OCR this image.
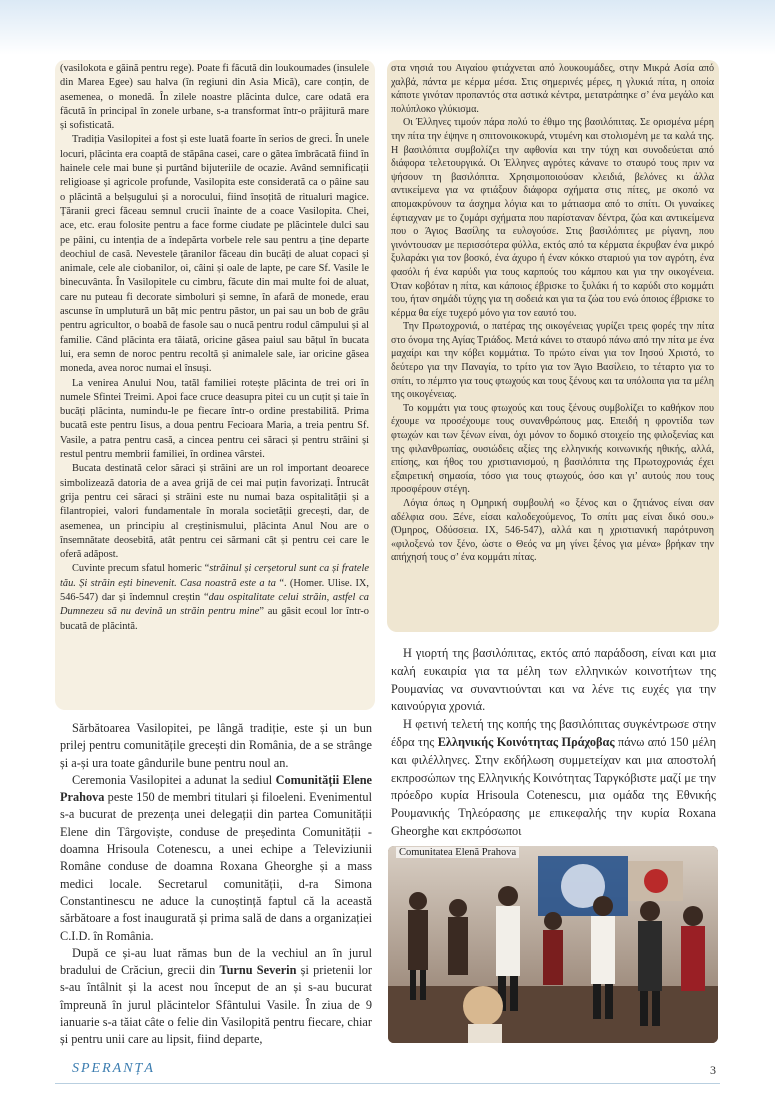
(vasilokota e găină pentru rege). Poate fi făcută din loukoumades (insulele din Marea Egee) sau halva (în regiuni din Asia Mică), care conțin, de asemenea, o monedă. În zilele noastre plăcinta dulce, care odată era făcută în principal în zonele urbane, s-a transformat într-o prăjitură mare și sofisticată.

Tradiția Vasilopitei a fost și este luată foarte în serios de greci. În unele locuri, plăcinta era coaptă de stăpâna casei, care o gătea îmbrăcată fiind în hainele cele mai bune și purtând bijuteriile de ocazie. Având semnificații religioase și agricole profunde, Vasilopita este considerată ca o pâine sau o plăcintă a belșugului și a norocului, fiind însoțită de ritualuri magice. Țăranii greci făceau semnul crucii înainte de a coace Vasilopita. Chei, ace, etc. erau folosite pentru a face forme ciudate pe plăcintele dulci sau pe pâini, cu intenția de a îndepărta vorbele rele sau pentru a ține departe deochiul de casă. Nevestele țăranilor făceau din bucăți de aluat copaci și animale, cele ale ciobanilor, oi, câini și oale de lapte, pe care Sf. Vasile le binecuvânta. În Vasilopitele cu cimbru, făcute din mai multe foi de aluat, care nu puteau fi decorate simboluri și semne, în afară de monede, erau ascunse în umplutură un băț mic pentru păstor, un pai sau un bob de grâu pentru agricultor, o boabă de fasole sau o nucă pentru rodul câmpului și al familie. Când plăcinta era tăiată, oricine găsea paiul sau bățul în bucata lui, era semn de noroc pentru recoltă și animalele sale, iar oricine găsea moneda, avea noroc numai el însuși.

La venirea Anului Nou, tatăl familiei rotește plăcinta de trei ori în numele Sfintei Treimi. Apoi face cruce deasupra pitei cu un cuțit și taie în bucăți plăcinta, numindu-le pe fiecare într-o ordine prestabilită. Prima bucată este pentru Iisus, a doua pentru Fecioara Maria, a treia pentru Sf. Vasile, a patra pentru casă, a cincea pentru cei săraci și pentru străini și restul pentru membrii familiei, în ordinea vârstei.

Bucata destinată celor săraci și străini are un rol important deoarece simbolizează datoria de a avea grijă de cei mai puțin favorizați. Întrucât grija pentru cei săraci și străini este nu numai baza ospitalității și a filantropiei, valori fundamentale în morala societății grecești, dar, de asemenea, un principiu al creștinismului, plăcinta Anul Nou are o însemnătate deosebită, atât pentru cei sărmani cât și pentru cei care le oferă adăpost.

Cuvinte precum sfatul homeric “străinul și cerșetorul sunt ca și fratele tău. Și străin ești binevenit. Casa noastră este a ta “. (Homer. Ulise. IX, 546-547) dar și îndemnul creștin “dau ospitalitate celui străin, astfel ca Dumnezeu să nu devină un străin pentru mine” au găsit ecoul lor într-o bucată de plăcintă.

στα νησιά του Αιγαίου φτιάχνεται από λουκουμάδες, στην Μικρά Ασία από χαλβά, πάντα με κέρμα μέσα. Στις σημερινές μέρες, η γλυκιά πίτα, η οποία κάποτε γινόταν προπαντός στα αστικά κέντρα, μετατράπηκε σ’ ένα μεγάλο και πολύπλοκο γλύκισμα.

Οι Έλληνες τιμούν πάρα πολύ το έθιμο της βασιλόπιτας. Σε ορισμένα μέρη την πίτα την έψηνε η σπιτονοικοκυρά, ντυμένη και στολισμένη με τα καλά της. Η βασιλόπιτα συμβολίζει την αφθονία και την τύχη και συνοδεύεται από διάφορα τελετουργικά. Οι Έλληνες αγρότες κάνανε το σταυρό τους πριν να ψήσουν τη βασιλόπιτα. Χρησιμοποιούσαν κλειδιά, βελόνες κι άλλα αντικείμενα για να φτιάξουν διάφορα σχήματα στις πίτες, με σκοπό να απομακρύνουν τα άσχημα λόγια και το μάτιασμα από το σπίτι. Οι γυναίκες έφτιαχναν με το ζυμάρι σχήματα που παρίσταναν δέντρα, ζώα και αντικείμενα που ο Άγιος Βασίλης τα ευλογούσε. Στις βασιλόπιτες με ρίγανη, που γινόντουσαν με περισσότερα φύλλα, εκτός από τα κέρματα έκρυβαν ένα μικρό ξυλαράκι για τον βοσκό, ένα άχυρο ή έναν κόκκο σταριού για τον αγρότη, ένα φασόλι ή ένα καρύδι για τους καρπούς του κάμπου και για την οικογένεια. Όταν κοβόταν η πίτα, και κάποιος έβρισκε το ξυλάκι ή το καρύδι στο κομμάτι του, ήταν σημάδι τύχης για τη σοδειά και για τα ζώα του ενώ όποιος έβρισκε το κέρμα θα είχε τυχερό μόνο για τον εαυτό του.

Την Πρωτοχρονιά, ο πατέρας της οικογένειας γυρίζει τρεις φορές την πίτα στο όνομα της Αγίας Τριάδος. Μετά κάνει το σταυρό πάνω από την πίτα με ένα μαχαίρι και την κόβει κομμάτια. Το πρώτο είναι για τον Ιησού Χριστό, το δεύτερο για την Παναγία, το τρίτο για τον Άγιο Βασίλειο, το τέταρτο για το σπίτι, το πέμπτο για τους φτωχούς και τους ξένους και τα υπόλοιπα για τα μέλη της οικογένειας.

Το κομμάτι για τους φτωχούς και τους ξένους συμβολίζει το καθήκον που έχουμε να προσέχουμε τους συνανθρώπους μας. Επειδή η φροντίδα των φτωχών και των ξένων είναι, όχι μόνον το δομικό στοιχείο της φιλοξενίας και της φιλανθρωπίας, ουσιώδεις αξίες της ελληνικής κοινωνικής ηθικής, αλλά, επίσης, και ήθος του χριστιανισμού, η βασιλόπιτα της Πρωτοχρονιάς έχει εξαιρετική σημασία, τόσο για τους φτωχούς, όσο και γι’ αυτούς που τους προσφέρουν στέγη.

Λόγια όπως η Ομηρική συμβουλή «ο ξένος και ο ζητιάνος είναι σαν αδέλφια σου. Ξένε, είσαι καλοδεχούμενος, Το σπίτι μας είναι δικό σου.» (Όμηρος, Οδύσσεια. IX, 546-547), αλλά και η χριστιανική παρότρυνση «φιλοξενώ τον ξένο, ώστε ο Θεός να μη γίνει ξένος για μένα» βρήκαν την απήχησή τους σ’ ένα κομμάτι πίτας.

Sărbătoarea Vasilopitei, pe lângă tradiție, este și un bun prilej pentru comunitățile grecești din România, de a se strânge și a-și ura toate gândurile bune pentru noul an.

Ceremonia Vasilopitei a adunat la sediul Comunității Elene Prahova peste 150 de membri titulari și filoeleni. Evenimentul s-a bucurat de prezența unei delegații din partea Comunității Elene din Târgoviște, conduse de președinta Comunității - doamna Hrisoula Cotenescu, a unei echipe a Televiziunii Române conduse de doamna Roxana Gheorghe și a mass medici locale. Secretarul comunității, d-ra Simona Constantinescu ne aduce la cunoștință faptul că la această sărbătoare a fost inaugurată și prima sală de dans a organizației C.I.D. în România.

După ce și-au luat rămas bun de la vechiul an în jurul bradului de Crăciun, grecii din Turnu Severin și prietenii lor s-au întâlnit și la acest nou început de an și s-au bucurat împreună în jurul plăcintelor Sfântului Vasile. În ziua de 9 ianuarie s-a tăiat câte o felie din Vasilopită pentru fiecare, chiar și pentru unii care au lipsit, fiind departe,

Η γιορτή της βασιλόπιτας, εκτός από παράδοση, είναι και μια καλή ευκαιρία για τα μέλη των ελληνικών κοινοτήτων της Ρουμανίας να συναντιούνται και να λένε τις ευχές για την καινούργια χρονιά.

Η φετινή τελετή της κοπής της βασιλόπιτας συγκέντρωσε στην έδρα της Ελληνικής Κοινότητας Πράχοβας πάνω από 150 μέλη και φιλέλληνες. Στην εκδήλωση συμμετείχαν και μια αποστολή εκπροσώπων της Ελληνικής Κοινότητας Ταργκόβιστε μαζί με την πρόεδρο κυρία Hrisoula Cotenescu, μια ομάδα της Εθνικής Ρουμανικής Τηλεόρασης με επικεφαλής την κυρία Roxana Gheorghe και εκπρόσωποι

Comunitatea Elenă Prahova
SPERANȚA	3
